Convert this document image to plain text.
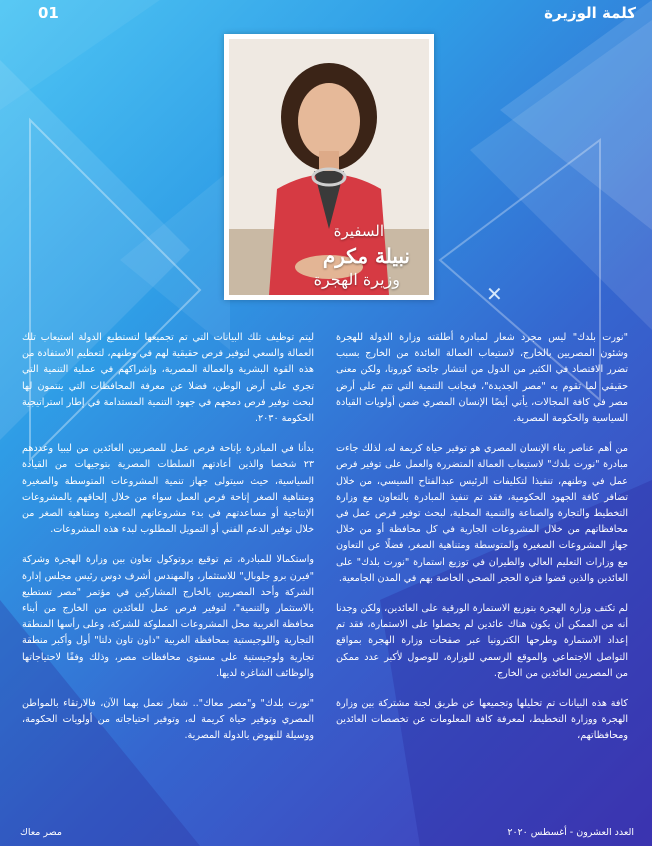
01	كلمة الوزيرة
السفيرة
نبيلة مكرم
وزيرة الهجرة
✕

"نورت بلدك" ليس مجرد شعار لمبادرة أطلقته وزارة الدولة للهجرة وشئون المصريين بالخارج، لاستيعاب العمالة العائدة من الخارج بسبب تضرر الاقتصاد في الكثير من الدول من انتشار جائحة كورونا، ولكن معنى حقيقي لما تقوم به "مصر الجديدة"، فبجانب التنمية التي تتم على أرض مصر في كافة المجالات، يأتي أيضًا الإنسان المصري ضمن أولويات القيادة السياسية والحكومة المصرية.

من أهم عناصر بناء الإنسان المصري هو توفير حياة كريمة له، لذلك جاءت مبادرة "نورت بلدك" لاستيعاب العمالة المتضررة والعمل على توفير فرص عمل في وطنهم، تنفيذا لتكليفات الرئيس عبدالفتاح السيسي، من خلال تضافر كافة الجهود الحكومية، فقد تم تنفيذ المبادرة بالتعاون مع وزارة التخطيط والتجارة والصناعة والتنمية المحلية، لبحث توفير فرص عمل في محافظاتهم من خلال المشروعات الجارية في كل محافظة أو من خلال جهاز المشروعات الصغيرة والمتوسطة ومتناهية الصغر، فضلًا عن التعاون مع وزارات التعليم العالي والطيران في توزيع استمارة "نورت بلدك" على العائدين والذين قضوا فترة الحجر الصحي الخاصة بهم في المدن الجامعية.

لم تكتف وزارة الهجرة بتوزيع الاستمارة الورقية على العائدين، ولكن وجدنا أنه من الممكن أن يكون هناك عائدين لم يحصلوا على الاستمارة، فقد تم إعداد الاستمارة وطرحها الكترونيا عبر صفحات وزارة الهجرة بمواقع التواصل الاجتماعي والموقع الرسمي للوزارة، للوصول لأكبر عدد ممكن من المصريين العائدين من الخارج.

كافة هذه البيانات تم تحليلها وتجميعها عن طريق لجنة مشتركة بين وزارة الهجرة ووزارة التخطيط، لمعرفة كافة المعلومات عن تخصصات العائدين ومحافظاتهم،

ليتم توظيف تلك البيانات التي تم تجميعها لتستطيع الدولة استيعاب تلك العمالة والسعي لتوفير فرص حقيقية لهم في وطنهم، لتعظيم الاستفادة من هذه القوة البشرية والعمالة المصرية، وإشراكهم في عملية التنمية التي تجري على أرض الوطن، فضلا عن معرفة المحافظات التي ينتمون لها لبحث توفير فرص دمجهم في جهود التنمية المستدامة في إطار استراتيجية الحكومة ٢٠٣٠.

بدأنا في المبادرة بإتاحة فرص عمل للمصريين العائدين من ليبيا وعددهم ٢٣ شخصا والذين أعادتهم السلطات المصرية بتوجيهات من القيادة السياسية، حيث سيتولى جهاز تنمية المشروعات المتوسطة والصغيرة ومتناهية الصغر إتاحة فرص العمل سواء من خلال إلحاقهم بالمشروعات الإنتاجية أو مساعدتهم في بدء مشروعاتهم الصغيرة ومتناهية الصغر من خلال توفير الدعم الفني أو التمويل المطلوب لبدء هذه المشروعات.

واستكمالا للمبادرة، تم توقيع بروتوكول تعاون بين وزارة الهجرة وشركة "فيرن برو جلوبال" للاستثمار، والمهندس أشرف دوس رئيس مجلس إدارة الشركة وأحد المصريين بالخارج المشاركين في مؤتمر "مصر تستطيع بالاستثمار والتنمية"، لتوفير فرص عمل للعائدين من الخارج من أبناء محافظة الغربية محل المشروعات المملوكة للشركة، وعلى رأسها المنطقة التجارية واللوجيستية بمحافظة الغربية "داون تاون دلتا" أول وأكبر منطقة تجارية ولوجيستية على مستوى محافظات مصر، وذلك وفقًا لاحتياجاتها والوظائف الشاغرة لديها.

"نورت بلدك" و"مصر معاك".. شعار نعمل بهما الآن، فالارتقاء بالمواطن المصري وتوفير حياة كريمة له، وتوفير احتياجاته من أولويات الحكومة، ووسيلة للنهوض بالدولة المصرية.

مصر معاك	العدد العشرون - أغسطس ٢٠٢٠
